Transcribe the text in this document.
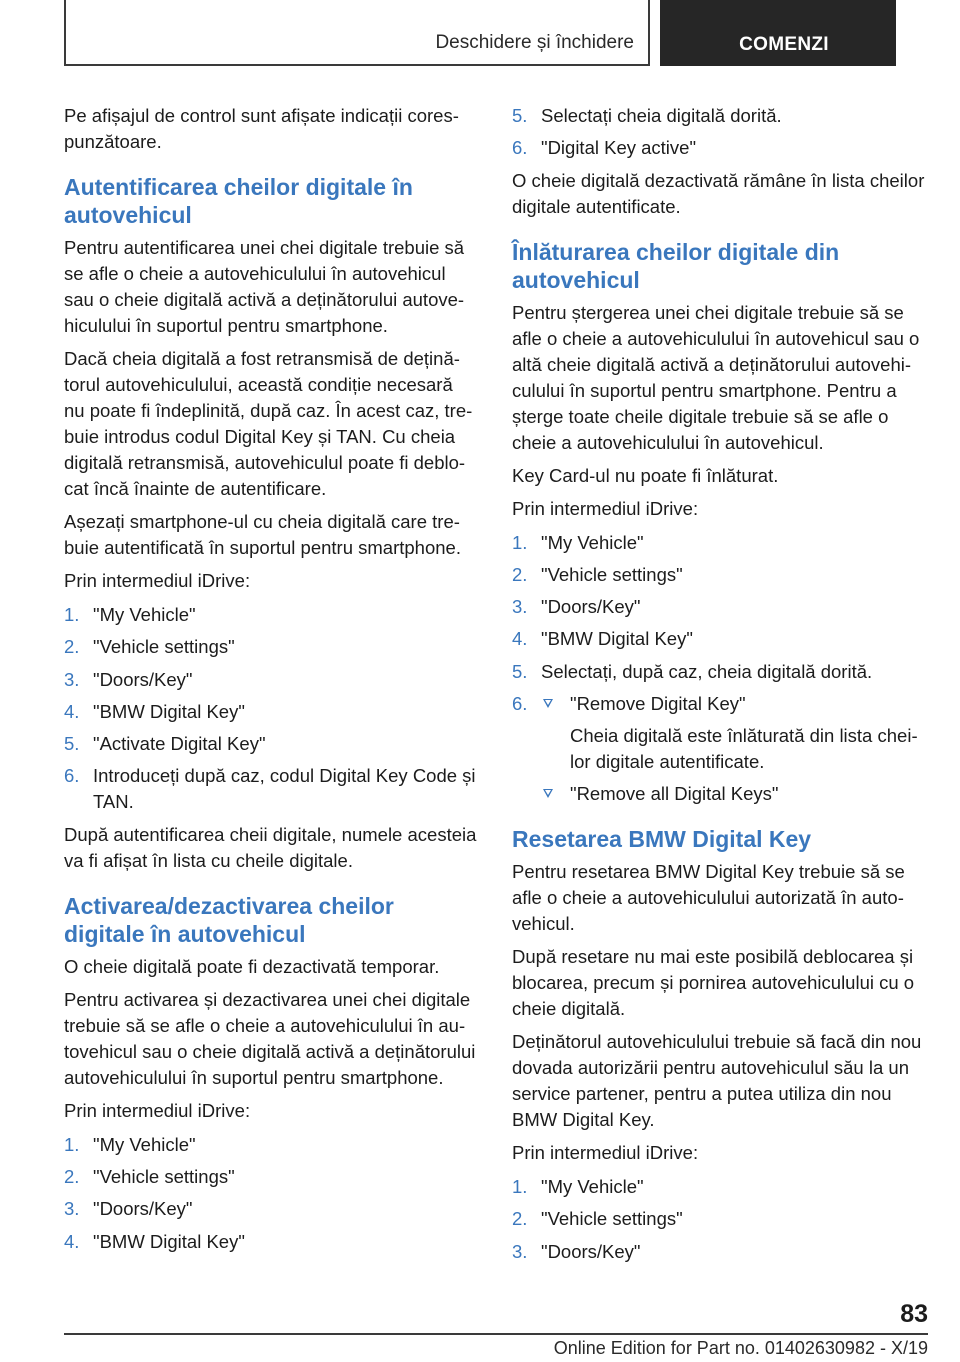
Deschidere și închidere	COMENZI

Pe afișajul de control sunt afișate indicații corespunzătoare.

Autentificarea cheilor digitale în autovehicul

Pentru autentificarea unei chei digitale trebuie să se afle o cheie a autovehiculului în autovehicul sau o cheie digitală activă a deținătorului autovehiculului în suportul pentru smartphone.

Dacă cheia digitală a fost retransmisă de deținătorul autovehiculului, această condiție necesară nu poate fi îndeplinită, după caz. În acest caz, trebuie introdus codul Digital Key și TAN. Cu cheia digitală retransmisă, autovehiculul poate fi deblocat încă înainte de autentificare.

Așezați smartphone-ul cu cheia digitală care trebuie autentificată în suportul pentru smartphone.

Prin intermediul iDrive:

1. "My Vehicle"
2. "Vehicle settings"
3. "Doors/Key"
4. "BMW Digital Key"
5. "Activate Digital Key"
6. Introduceți după caz, codul Digital Key Code și TAN.

După autentificarea cheii digitale, numele acesteia va fi afișat în lista cu cheile digitale.

Activarea/dezactivarea cheilor digitale în autovehicul

O cheie digitală poate fi dezactivată temporar.

Pentru activarea și dezactivarea unei chei digitale trebuie să se afle o cheie a autovehiculului în autovehicul sau o cheie digitală activă a deținătorului autovehiculului în suportul pentru smartphone.

Prin intermediul iDrive:

1. "My Vehicle"
2. "Vehicle settings"
3. "Doors/Key"
4. "BMW Digital Key"
5. Selectați cheia digitală dorită.
6. "Digital Key active"

O cheie digitală dezactivată rămâne în lista cheilor digitale autentificate.

Înlăturarea cheilor digitale din autovehicul

Pentru ștergerea unei chei digitale trebuie să se afle o cheie a autovehiculului în autovehicul sau o altă cheie digitală activă a deținătorului autovehiculului în suportul pentru smartphone. Pentru a șterge toate cheile digitale trebuie să se afle o cheie a autovehiculului în autovehicul.

Key Card-ul nu poate fi înlăturat.

Prin intermediul iDrive:

1. "My Vehicle"
2. "Vehicle settings"
3. "Doors/Key"
4. "BMW Digital Key"
5. Selectați, după caz, cheia digitală dorită.
6.	"Remove Digital Key"
Cheia digitală este înlăturată din lista cheilor digitale autentificate.
"Remove all Digital Keys"
Resetarea BMW Digital Key

Pentru resetarea BMW Digital Key trebuie să se afle o cheie a autovehiculului autorizată în autovehicul.

După resetare nu mai este posibilă deblocarea și blocarea, precum și pornirea autovehiculului cu o cheie digitală.

Deținătorul autovehiculului trebuie să facă din nou dovada autorizării pentru autovehiculul său la un service partener, pentru a putea utiliza din nou BMW Digital Key.

Prin intermediul iDrive:

1. "My Vehicle"
2. "Vehicle settings"
3. "Doors/Key"
83
Online Edition for Part no. 01402630982 - X/19
